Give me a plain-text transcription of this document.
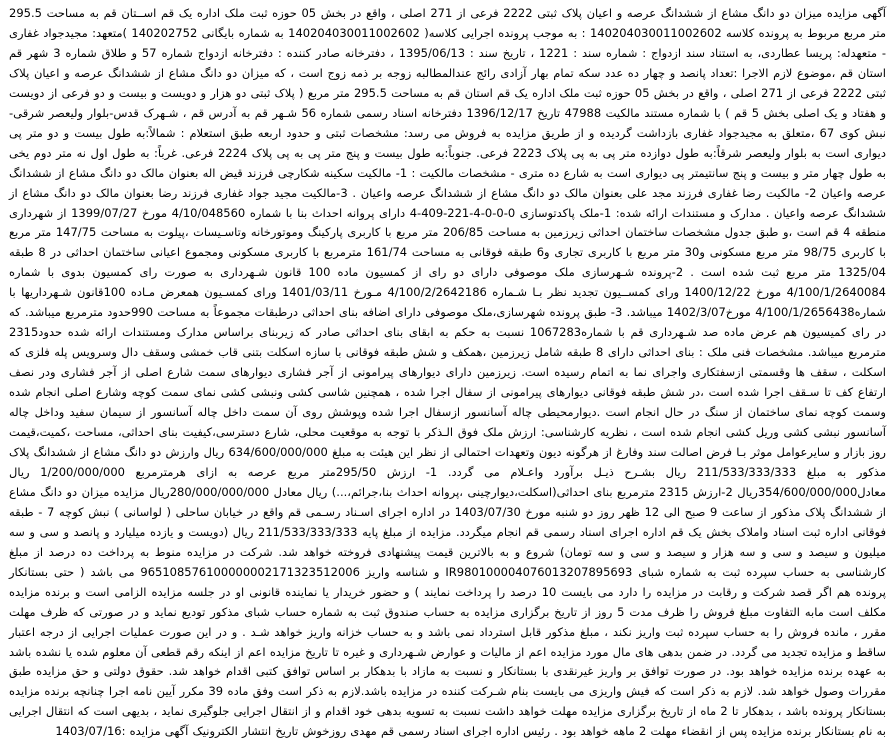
آگهی مزایده میزان دو دانگ مشاع از ششدانگ عرصه و اعیان پلاک ثبتی 2222 فرعی از 271 اصلی ، واقع در بخش 05 حوزه ثبت ملک اداره یک قم اســتان قم به مساحت 295.5 متر مربع مربوط به پرونده کلاسه 140204030011002602 : به موجب پرونده اجرایی کلاسه( 140204030011002602 به شماره بایگانی 140202752 )متعهد: مجیدجواد غفاری - متعهدله: پریسا عطاردی، به استناد سند ازدواج : شماره سند : 1221 ، تاریخ سند : 1395/06/13 ، دفترخانه صادر کننده : دفترخانه ازدواج شماره 57 و طلاق شماره 3 شهر قم استان قم ،موضوع لازم الاجرا :تعداد پانصد و چهار ده عدد سکه تمام بهار آزادی رائج عندالمطالبه زوجه بر ذمه زوج است ، که میزان دو دانگ مشاع از ششدانگ عرصه و اعیان پلاک ثبتی 2222 فرعی از 271 اصلی ، واقع در بخش 05 حوزه ثبت ملک اداره یک قم استان قم به مساحت 295.5 متر مربع ( پلاک ثبتی دو هزار و دویست و بیست و دو فرعی از دویست و هفتاد و یک اصلی بخش 5 قم ) با شماره مستند مالکیت 47988 تاریخ 1396/12/17 دفترخانه اسناد رسمی شماره 56 شـهر قم به آدرس قم ، شـهرک قدس-بلوار ولیعصر شرقی-نبش کوی 67 ،متعلق به مجیدجواد غفاری بازداشت گردیده و از طریق مزایده به فروش می رسد: مشخصات ثبتی و حدود اربعه طبق استعلام : شمالاً:به طول بیست و دو متر پی دیواری است به بلوار ولیعصر شرقاً:به طول دوازده متر پی به پی پلاک 2223 فرعی. جنوباً:به طول بیست و پنج متر پی به پی پلاک 2224 فرعی. غرباً: به طول اول نه متر دوم یخی به طول چهار متر و بیست و پنج سانتیمتر پی دیواری است به شارع ده متری - مشخصات مالکیت : 1- مالکیت سکینه شکارچی فرزند قیض اله بعنوان مالک دو دانگ مشاع از ششدانگ عرصه واعیان 2- مالکیت رضا غفاری فرزند مجد علی بعنوان مالک دو دانگ مشاع از ششدانگ عرصه واعیان . 3-مالکیت مجید جواد غفاری فرزند رضا بعنوان مالک دو دانگ مشاع از ششدانگ عرصه واعیان . مدارک و مستندات ارائه شده: 1-ملک پاکدتوسازی 0-0-0-4-221-409-4 دارای پروانه احداث بنا با شماره 4/10/048560 مورخ 1399/07/27 از شهرداری منطقه 4 قم است ،و طبق جدول مشخصات ساختمان احداثی زیرزمین به مساحت 206/85 متر مربع با کاربری پارکینگ وموتورخانه وتاسـیسات ،پیلوت به مساحت 147/75 متر مربع با کاربری 98/75 متر مربع مسکونی و30 متر مربع با کاربری تجاری و6 طبقه فوقانی به مساحت 161/74 مترمربع با کاربری مسکونی ومجموع اعیانی ساختمان احداثی در 8 طبقه 1325/04 متر مربع ثبت شده است . 2-پرونده شـهرسازی ملک موصوفی دارای دو رای از کمسیون ماده 100 قانون شـهرداری به صورت رای کمسیون بدوی با شماره 4/100/1/2640084 مورخ 1400/12/22 ورای کمســیون تجدید نظر بـا شـماره 4/100/2/2642186 مـورخ 1401/03/11 ورای کمسـیون همعرض مـاده 100قانون شـهرداریها با شماره4/100/1/2656438 مورخ1402/3/07 میباشد. 3- طبق پرونده شهرسازی،ملک موصوفی دارای اضافه بنای احداثی درطبقات مجموعاً به مساحت 990حدود مترمربع میباشد. که در رای کمیسیون هم عرض ماده صد شـهرداری قم با شماره1067283 نسبت به حکم به ابقای بنای احداثی صادر که زیربنای براساس مدارک ومستندات ارائه شده حدود2315 مترمربع میباشد. مشخصات فنی ملک : بنای احداثی دارای 8 طبقه شامل زیرزمین ،همکف و شش طبقه فوقانی با سازه اسکلت بتنی قاب خمشی وسقف دال وسرویس پله فلزی که اسکلت ، سقف ها وقسمتی ازسفتکاری واجرای نما به اتمام رسیده است. زیرزمین دارای دیوارهای پیرامونی از آجر فشاری دیوارهای سمت شارع اصلی از آجر فشاری ودر نصف ارتفاع کف تا سـقف اجرا شده است ،در شش طبقه فوقانی دیوارهای پیرامونی از سفال اجرا شده ، همچنین شاسی کشی ونبشی کشی نمای سمت کوچه وشارع اصلی انجام شده وسمت کوچه نمای ساختمان از سنگ در حال انجام است .دیوارمحیطی چاله آسانسور ازسفال اجرا شده وپوشش روی آن سمت داخل چاله آسانسور از سیمان سفید وداخل چاله آسانسور نبشی کشی وریل کشی انجام شده است ، نظریه کارشناسی: ارزش ملک فوق الـذکر با توجه به موقعیت محلی، شارع دسترسی،کیفیت بنای احداثی، مساحت ،کمیت،قیمت روز بازار و سایرعوامل موثر بـا فرض اصالت سند وفارغ از هرگونه دیون وتعهدات احتمالی از نظر این هیئت به مبلغ 634/600/000/000 ریال وارزش دو دانگ مشاع از ششدانگ پلاک مذکور به مبلغ 211/533/333/333 ریال بشـرح ذیـل برآورد واعـلام می گردد. 1- ارزش 295/50متر مربع عرصه به ازای هرمترمربع 1/200/000/000 ریال معادل354/600/000/000ریال 2-ارزش 2315 مترمربع بنای احداثی(اسکلت،دیوارچینی ،پروانه احداث بنا،جرائم،...) ریال معادل 280/000/000/000ریال مزایده میزان دو دانگ مشاع از ششدانگ پلاک مذکور از ساعت 9 صبح الی 12 ظهر روز دو شنبه مورخ 1403/07/30 در اداره اجرای اسـناد رسـمی قم واقع در خیابان ساحلی ( لواسانی ) نبش کوچه 7 - طبقه فوقانی اداره ثبت اسناد واملاک بخش یک قم اداره اجرای اسناد رسمی قم انجام میگردد. مزایده از مبلغ پایه 211/533/333/333 ریال (دویست و یازده میلیارد و پانصد و سی و سه میلیون و سیصد و سی و سه هزار و سیصد و سی و سه تومان) شروع و به بالاترین قیمت پیشنهادی فروخته خواهد شد. شرکت در مزایده منوط به پرداخت ده درصد از مبلغ کارشناسی به حساب سپرده ثبت به شماره شبای IR980100004076013207895693 و شناسه واریز 965108576100000002171323512006 می باشد ( حتی بستانکار پرونده هم اگر قصد شرکت و رقابت در مزایده را دارد می بایست 10 درصد را پرداخت نمایند ) و حضور خریدار یا نماینده قانونی او در جلسه مزایده الزامی است و برنده مزایده مکلف است مابه التفاوت مبلغ فروش را ظرف مدت 5 روز از تاریخ برگزاری مزایده به حساب صندوق ثبت به شماره حساب شبای مذکور تودیع نماید و در صورتی که ظرف مهلت مقرر ، مانده فروش را به حساب سپرده ثبت واریز نکند ، مبلغ مذکور قابل استرداد نمی باشد و به حساب خزانه واریز خواهد شـد . و در این صورت عملیات اجرایی از درجه اعتبار ساقط و مزایده تجدید می گردد. در ضمن بدهی های مال مورد مزایده اعم از مالیات و عوارض شـهرداری و غیره تا تاریخ مزایده اعم از اینکه رقم قطعی آن معلوم شده یا نشده باشد به عهده برنده مزایده خواهد بود. در صورت توافق بر واریز غیرنقدی با بستانکار و نسبت به مازاد با بدهکار بر اساس توافق کتبی اقدام خواهد شد. حقوق دولتی و حق مزایده طبق مقررات وصول خواهد شد. لازم به ذکر است که فیش واریزی می بایست بنام شـرکت کننده در مزایده باشد.لازم به ذکر است وفق ماده 39 مکرر آیین نامه اجرا چنانچه برنده مزایده بستانکار پرونده باشد ، بدهکار تا 2 ماه از تاریخ برگزاری مزایده مهلت خواهد داشت نسبت به تسویه بدهی خود اقدام و از انتقال اجرایی جلوگیری نماید ، بدیهی است که انتقال اجرایی به نام بستانکار برنده مزایده پس از انقضاء مهلت 2 ماهه خواهد بود . رئیس اداره اجرای اسناد رسمی قم مهدی روزخوش تاریخ انتشار الکترونیک آگهی مزایده :1403/07/16
